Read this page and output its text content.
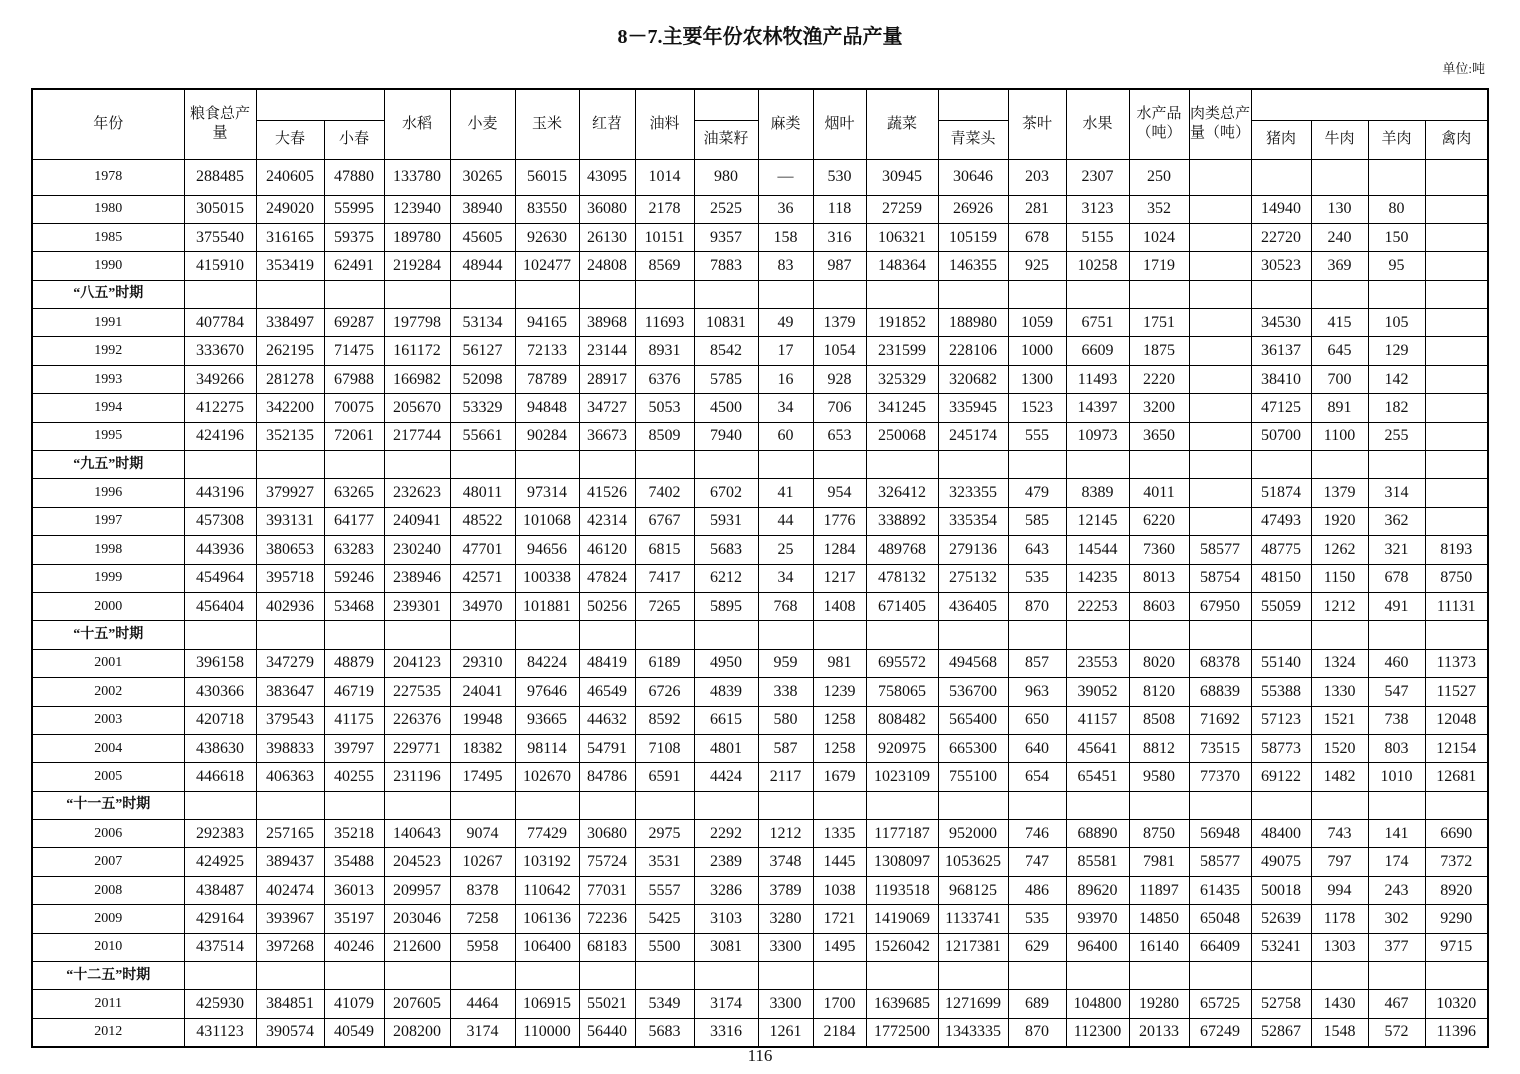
8－7.主要年份农林牧渔产品产量
单位:吨
年份	粮食总产量			水稻	小麦	玉米	红苕	油料		麻类	烟叶	蔬菜		茶叶	水果	水产品（吨）	肉类总产量（吨）				
		大春	小春						油菜籽				青菜头					猪肉	牛肉	羊肉	禽肉
1978	288485	240605	47880	133780	30265	56015	43095	1014	980	—	530	30945	30646	203	2307	250					
1980	305015	249020	55995	123940	38940	83550	36080	2178	2525	36	118	27259	26926	281	3123	352		14940	130	80	
1985	375540	316165	59375	189780	45605	92630	26130	10151	9357	158	316	106321	105159	678	5155	1024		22720	240	150	
1990	415910	353419	62491	219284	48944	102477	24808	8569	7883	83	987	148364	146355	925	10258	1719		30523	369	95	
“八五”时期																					
1991	407784	338497	69287	197798	53134	94165	38968	11693	10831	49	1379	191852	188980	1059	6751	1751		34530	415	105	
1992	333670	262195	71475	161172	56127	72133	23144	8931	8542	17	1054	231599	228106	1000	6609	1875		36137	645	129	
1993	349266	281278	67988	166982	52098	78789	28917	6376	5785	16	928	325329	320682	1300	11493	2220		38410	700	142	
1994	412275	342200	70075	205670	53329	94848	34727	5053	4500	34	706	341245	335945	1523	14397	3200		47125	891	182	
1995	424196	352135	72061	217744	55661	90284	36673	8509	7940	60	653	250068	245174	555	10973	3650		50700	1100	255	
“九五”时期																					
1996	443196	379927	63265	232623	48011	97314	41526	7402	6702	41	954	326412	323355	479	8389	4011		51874	1379	314	
1997	457308	393131	64177	240941	48522	101068	42314	6767	5931	44	1776	338892	335354	585	12145	6220		47493	1920	362	
1998	443936	380653	63283	230240	47701	94656	46120	6815	5683	25	1284	489768	279136	643	14544	7360	58577	48775	1262	321	8193
1999	454964	395718	59246	238946	42571	100338	47824	7417	6212	34	1217	478132	275132	535	14235	8013	58754	48150	1150	678	8750
2000	456404	402936	53468	239301	34970	101881	50256	7265	5895	768	1408	671405	436405	870	22253	8603	67950	55059	1212	491	11131
“十五”时期																					
2001	396158	347279	48879	204123	29310	84224	48419	6189	4950	959	981	695572	494568	857	23553	8020	68378	55140	1324	460	11373
2002	430366	383647	46719	227535	24041	97646	46549	6726	4839	338	1239	758065	536700	963	39052	8120	68839	55388	1330	547	11527
2003	420718	379543	41175	226376	19948	93665	44632	8592	6615	580	1258	808482	565400	650	41157	8508	71692	57123	1521	738	12048
2004	438630	398833	39797	229771	18382	98114	54791	7108	4801	587	1258	920975	665300	640	45641	8812	73515	58773	1520	803	12154
2005	446618	406363	40255	231196	17495	102670	84786	6591	4424	2117	1679	1023109	755100	654	65451	9580	77370	69122	1482	1010	12681
“十一五”时期																					
2006	292383	257165	35218	140643	9074	77429	30680	2975	2292	1212	1335	1177187	952000	746	68890	8750	56948	48400	743	141	6690
2007	424925	389437	35488	204523	10267	103192	75724	3531	2389	3748	1445	1308097	1053625	747	85581	7981	58577	49075	797	174	7372
2008	438487	402474	36013	209957	8378	110642	77031	5557	3286	3789	1038	1193518	968125	486	89620	11897	61435	50018	994	243	8920
2009	429164	393967	35197	203046	7258	106136	72236	5425	3103	3280	1721	1419069	1133741	535	93970	14850	65048	52639	1178	302	9290
2010	437514	397268	40246	212600	5958	106400	68183	5500	3081	3300	1495	1526042	1217381	629	96400	16140	66409	53241	1303	377	9715
“十二五”时期																					
2011	425930	384851	41079	207605	4464	106915	55021	5349	3174	3300	1700	1639685	1271699	689	104800	19280	65725	52758	1430	467	10320
2012	431123	390574	40549	208200	3174	110000	56440	5683	3316	1261	2184	1772500	1343335	870	112300	20133	67249	52867	1548	572	11396
116
